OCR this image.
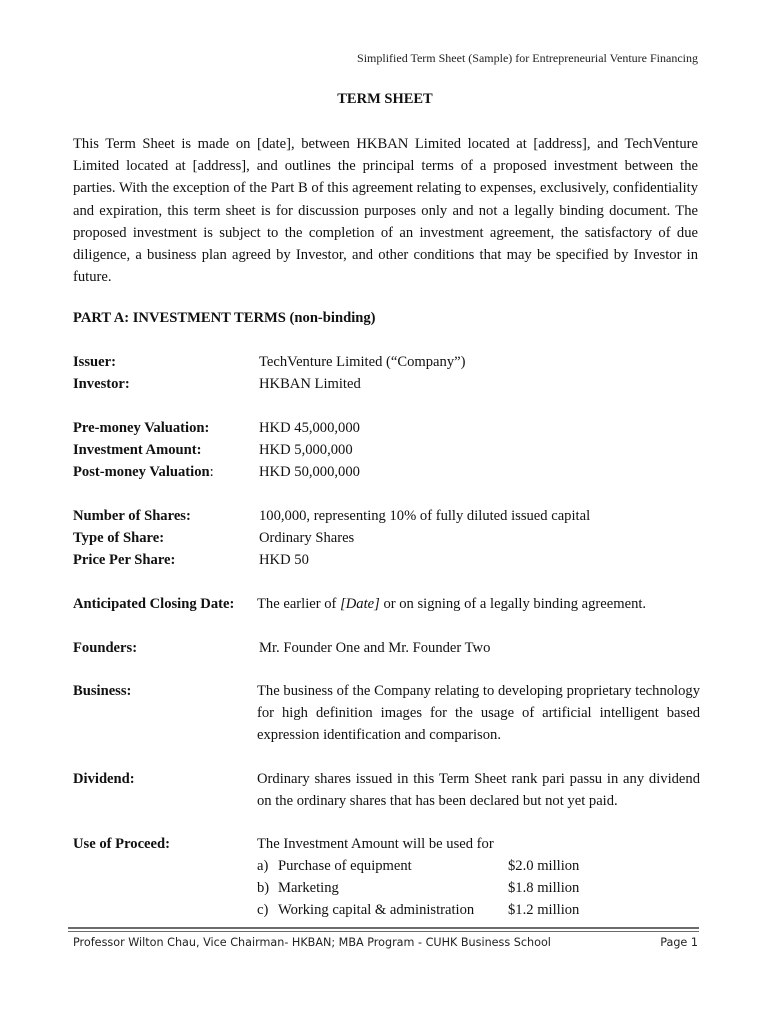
Simplified Term Sheet (Sample) for Entrepreneurial Venture Financing
TERM SHEET
This Term Sheet is made on [date], between HKBAN Limited located at [address], and TechVenture Limited located at [address], and outlines the principal terms of a proposed investment between the parties. With the exception of the Part B of this agreement relating to expenses, exclusively, confidentiality and expiration, this term sheet is for discussion purposes only and not a legally binding document. The proposed investment is subject to the completion of an investment agreement, the satisfactory of due diligence, a business plan agreed by Investor, and other conditions that may be specified by Investor in future.
PART A: INVESTMENT TERMS (non-binding)
Issuer:	TechVenture Limited (“Company”)
Investor:	HKBAN Limited
Pre-money Valuation:	HKD 45,000,000
Investment Amount:	HKD 5,000,000
Post-money Valuation:	HKD 50,000,000
Number of Shares:	100,000, representing 10% of fully diluted issued capital
Type of Share:	Ordinary Shares
Price Per Share:	HKD 50
Anticipated Closing Date: The earlier of [Date] or on signing of a legally binding agreement.
Founders:	Mr. Founder One and Mr. Founder Two
Business:	The business of the Company relating to developing proprietary technology for high definition images for the usage of artificial intelligent based expression identification and comparison.
Dividend:	Ordinary shares issued in this Term Sheet rank pari passu in any dividend on the ordinary shares that has been declared but not yet paid.
Use of Proceed:	The Investment Amount will be used for
a) Purchase of equipment	$2.0 million
b) Marketing	$1.8 million
c) Working capital & administration $1.2 million
Professor Wilton Chau, Vice Chairman- HKBAN; MBA Program - CUHK Business School	Page 1
